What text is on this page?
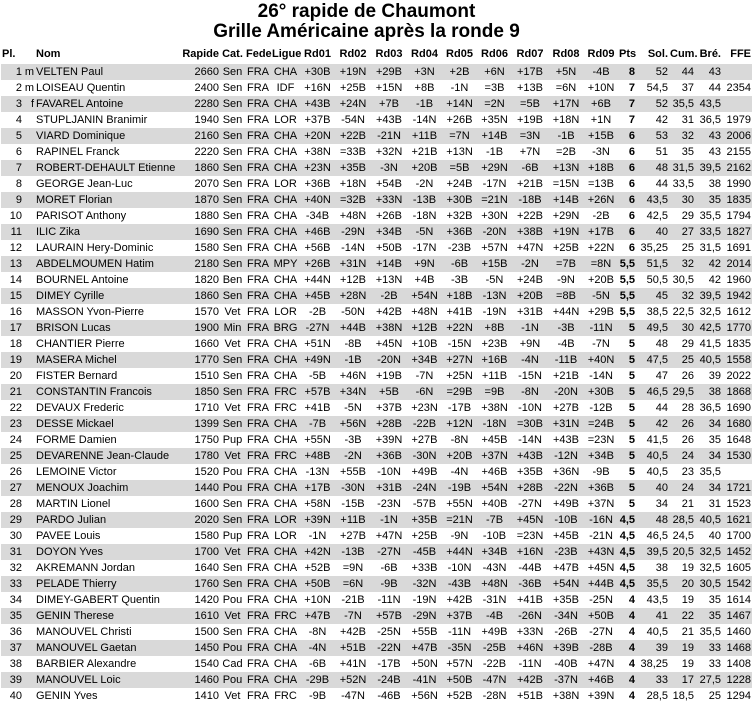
26° rapide de Chaumont
Grille Américaine après la ronde 9
Pl.		Nom	Rapide	Cat.	Fede	Ligue	Rd01	Rd02	Rd03	Rd04	Rd05	Rd06	Rd07	Rd08	Rd09	Pts	Sol.	Cum.	Bré.	FFE
1	m	VELTEN Paul	2660	Sen	FRA	CHA	+30B	+19N	+29B	+3N	+2B	+6N	+17B	+5N	-4B	8	52	44	43	
2	m	LOISEAU Quentin	2400	Sen	FRA	IDF	+16N	+25B	+15N	+8B	-1N	=3B	+13B	=6N	+10N	7	54,5	37	44	2354
3	f	FAVAREL Antoine	2280	Sen	FRA	CHA	+43B	+24N	+7B	-1B	+14N	=2N	=5B	+17N	+6B	7	52	35,5	43,5	
4		STUPLJANIN Branimir	1940	Sen	FRA	LOR	+37B	-54N	+43B	-14N	+26B	+35N	+19B	+18N	+1N	7	42	31	36,5	1979
5		VIARD Dominique	2160	Sen	FRA	CHA	+20N	+22B	-21N	+11B	=7N	+14B	=3N	-1B	+15B	6	53	32	43	2006
6		RAPINEL Franck	2220	Sen	FRA	CHA	+38N	=33B	+32N	+21B	+13N	-1B	+7N	=2B	-3N	6	51	35	43	2155
7		ROBERT-DEHAULT Etienne	1860	Sen	FRA	CHA	+23N	+35B	-3N	+20B	=5B	+29N	-6B	+13N	+18B	6	48	31,5	39,5	2162
8		GEORGE Jean-Luc	2070	Sen	FRA	LOR	+36B	+18N	+54B	-2N	+24B	-17N	+21B	=15N	=13B	6	44	33,5	38	1990
9		MORET Florian	1870	Sen	FRA	CHA	+40N	=32B	+33N	-13B	+30B	=21N	-18B	+14B	+26N	6	43,5	30	35	1835
10		PARISOT Anthony	1880	Sen	FRA	CHA	-34B	+48N	+26B	-18N	+32B	+30N	+22B	+29N	-2B	6	42,5	29	35,5	1794
11		ILIC Zika	1690	Sen	FRA	CHA	+46B	-29N	+34B	-5N	+36B	-20N	+38B	+19N	+17B	6	40	27	33,5	1827
12		LAURAIN Hery-Dominic	1580	Sen	FRA	CHA	+56B	-14N	+50B	-17N	-23B	+57N	+47N	+25B	+22N	6	35,25	25	31,5	1691
13		ABDELMOUMEN Hatim	2180	Sen	FRA	MPY	+26B	+31N	+14B	+9N	-6B	+15B	-2N	=7B	=8N	5,5	51,5	32	42	2014
14		BOURNEL Antoine	1820	Ben	FRA	CHA	+44N	+12B	+13N	+4B	-3B	-5N	+24B	-9N	+20B	5,5	50,5	30,5	42	1960
15		DIMEY Cyrille	1860	Sen	FRA	CHA	+45B	+28N	-2B	+54N	+18B	-13N	+20B	=8B	-5N	5,5	45	32	39,5	1942
16		MASSON Yvon-Pierre	1570	Vet	FRA	LOR	-2B	-50N	+42B	+48N	+41B	-19N	+31B	+44N	+29B	5,5	38,5	22,5	32,5	1612
17		BRISON Lucas	1900	Min	FRA	BRG	-27N	+44B	+38N	+12B	+22N	+8B	-1N	-3B	-11N	5	49,5	30	42,5	1770
18		CHANTIER Pierre	1660	Vet	FRA	CHA	+51N	-8B	+45N	+10B	-15N	+23B	+9N	-4B	-7N	5	48	29	41,5	1835
19		MASERA Michel	1770	Sen	FRA	CHA	+49N	-1B	-20N	+34B	+27N	+16B	-4N	-11B	+40N	5	47,5	25	40,5	1558
20		FISTER Bernard	1510	Sen	FRA	CHA	-5B	+46N	+19B	-7N	+25N	+11B	-15N	+21B	-14N	5	47	26	39	2022
21		CONSTANTIN Francois	1850	Sen	FRA	FRC	+57B	+34N	+5B	-6N	=29B	=9B	-8N	-20N	+30B	5	46,5	29,5	38	1868
22		DEVAUX Frederic	1710	Vet	FRA	FRC	+41B	-5N	+37B	+23N	-17B	+38N	-10N	+27B	-12B	5	44	28	36,5	1690
23		DESSE Mickael	1399	Sen	FRA	CHA	-7B	+56N	+28B	-22B	+12N	-18N	=30B	+31N	=24B	5	42	26	34	1680
24		FORME Damien	1750	Pup	FRA	CHA	+55N	-3B	+39N	+27B	-8N	+45B	-14N	+43B	=23N	5	41,5	26	35	1648
25		DEVARENNE Jean-Claude	1780	Vet	FRA	FRC	+48B	-2N	+36B	-30N	+20B	+37N	+43B	-12N	+34B	5	40,5	24	34	1530
26		LEMOINE Victor	1520	Pou	FRA	CHA	-13N	+55B	-10N	+49B	-4N	+46B	+35B	+36N	-9B	5	40,5	23	35,5	
27		MENOUX Joachim	1440	Pou	FRA	CHA	+17B	-30N	+31B	-24N	-19B	+54N	+28B	-22N	+36B	5	40	24	34	1721
28		MARTIN Lionel	1600	Sen	FRA	CHA	+58N	-15B	-23N	-57B	+55N	+40B	-27N	+49B	+37N	5	34	21	31	1523
29		PARDO Julian	2020	Sen	FRA	LOR	+39N	+11B	-1N	+35B	=21N	-7B	+45N	-10B	-16N	4,5	48	28,5	40,5	1621
30		PAVEE Louis	1580	Pup	FRA	LOR	-1N	+27B	+47N	+25B	-9N	-10B	=23N	+45B	-21N	4,5	46,5	24,5	40	1700
31		DOYON Yves	1700	Vet	FRA	CHA	+42N	-13B	-27N	-45B	+44N	+34B	+16N	-23B	+43N	4,5	39,5	20,5	32,5	1452
32		AKREMANN Jordan	1640	Sen	FRA	CHA	+52B	=9N	-6B	+33B	-10N	-43N	-44B	+47B	+45N	4,5	38	19	32,5	1605
33		PELADE Thierry	1760	Sen	FRA	CHA	+50B	=6N	-9B	-32N	-43B	+48N	-36B	+54N	+44B	4,5	35,5	20	30,5	1542
34		DIMEY-GABERT Quentin	1420	Pou	FRA	CHA	+10N	-21B	-11N	-19N	+42B	-31N	+41B	+35B	-25N	4	43,5	19	35	1614
35		GENIN Therese	1610	Vet	FRA	FRC	+47B	-7N	+57B	-29N	+37B	-4B	-26N	-34N	+50B	4	41	22	35	1467
36		MANOUVEL Christi	1500	Sen	FRA	CHA	-8N	+42B	-25N	+55B	-11N	+49B	+33N	-26B	-27N	4	40,5	21	35,5	1460
37		MANOUVEL Gaetan	1450	Pou	FRA	CHA	-4N	+51B	-22N	+47B	-35N	-25B	+46N	+39B	-28B	4	39	19	33	1468
38		BARBIER Alexandre	1540	Cad	FRA	CHA	-6B	+41N	-17B	+50N	+57N	-22B	-11N	-40B	+47N	4	38,25	19	33	1408
39		MANOUVEL Loic	1460	Pou	FRA	CHA	-29B	+52N	-24B	-41N	+50B	-47N	+42B	-37N	+46B	4	33	17	27,5	1228
40		GENIN Yves	1410	Vet	FRA	FRC	-9B	-47N	-46B	+56N	+52B	-28N	+51B	+38N	+39N	4	28,5	18,5	25	1294
